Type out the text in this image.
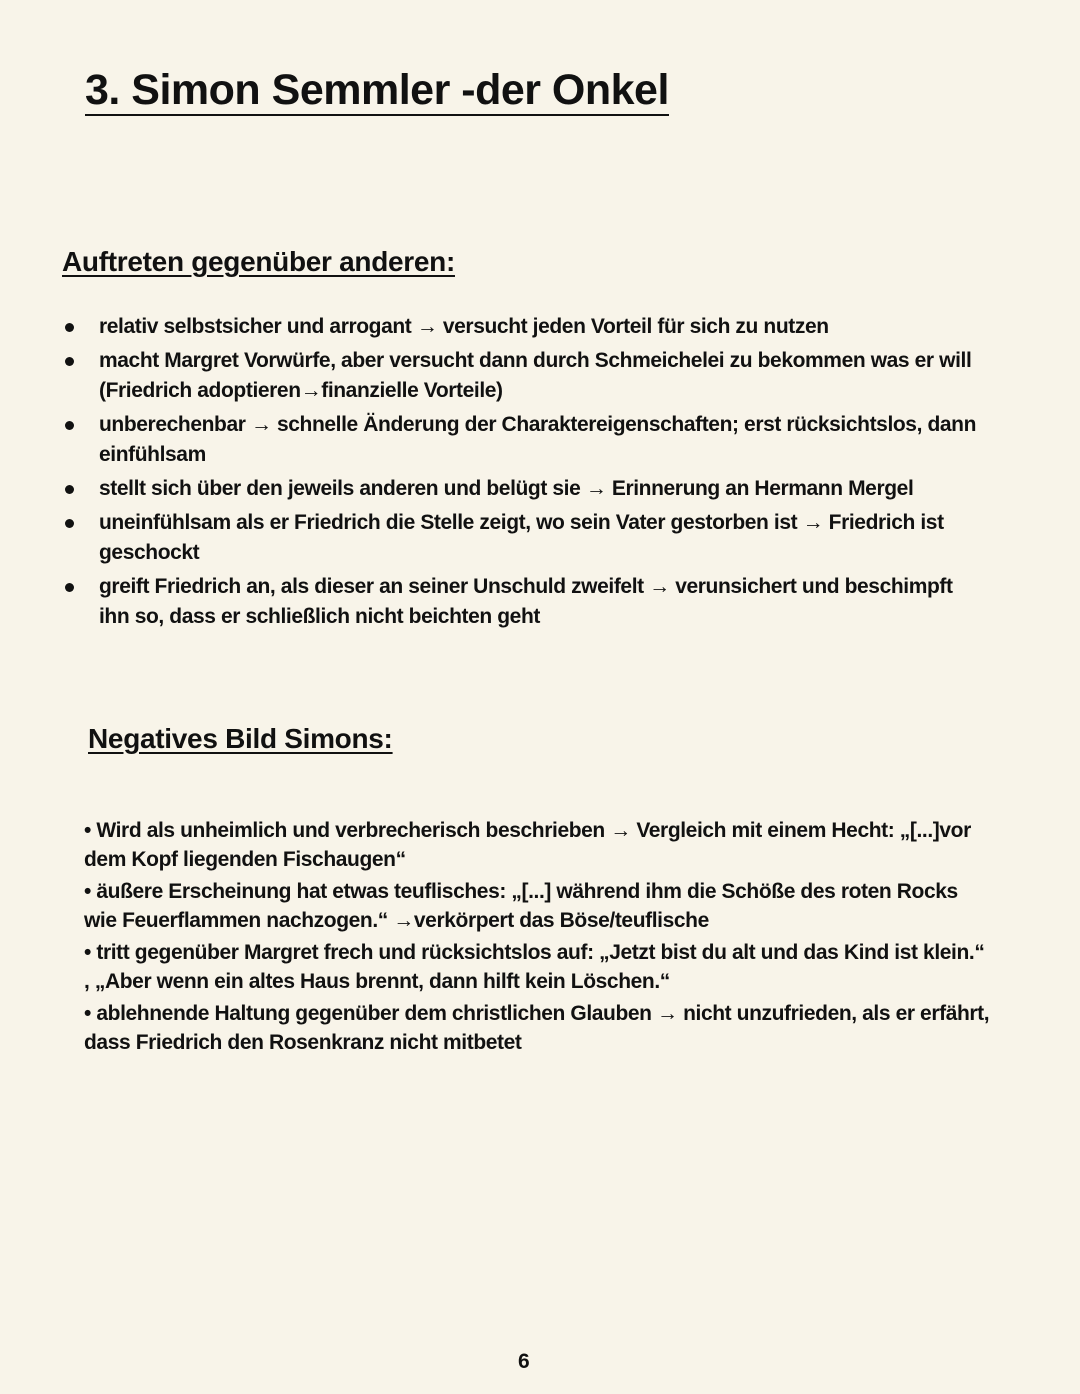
3. Simon Semmler -der Onkel
Auftreten gegenüber anderen:
relativ selbstsicher und arrogant → versucht jeden Vorteil für sich zu nutzen
macht Margret Vorwürfe, aber versucht dann durch Schmeichelei zu bekommen was er will (Friedrich adoptieren→finanzielle Vorteile)
unberechenbar → schnelle Änderung der Charaktereigenschaften; erst rücksichtslos, dann einfühlsam
stellt sich über den jeweils anderen und belügt sie → Erinnerung an Hermann Mergel
uneinfühlsam als er Friedrich die Stelle zeigt, wo sein Vater gestorben ist → Friedrich ist geschockt
greift Friedrich an, als dieser an seiner Unschuld zweifelt → verunsichert und beschimpft ihn so, dass er schließlich nicht beichten geht
Negatives Bild Simons:

• Wird als unheimlich und verbrecherisch beschrieben → Vergleich mit einem Hecht: „[...]vor dem Kopf liegenden Fischaugen“

• äußere Erscheinung hat etwas teuflisches: „[...] während ihm die Schöße des roten Rocks wie Feuerflammen nachzogen.“ →verkörpert das Böse/teuflische

• tritt gegenüber Margret frech und rücksichtslos auf: „Jetzt bist du alt und das Kind ist klein.“ , „Aber wenn ein altes Haus brennt, dann hilft kein Löschen.“

• ablehnende Haltung gegenüber dem christlichen Glauben → nicht unzufrieden, als er erfährt, dass Friedrich den Rosenkranz nicht mitbetet

6
